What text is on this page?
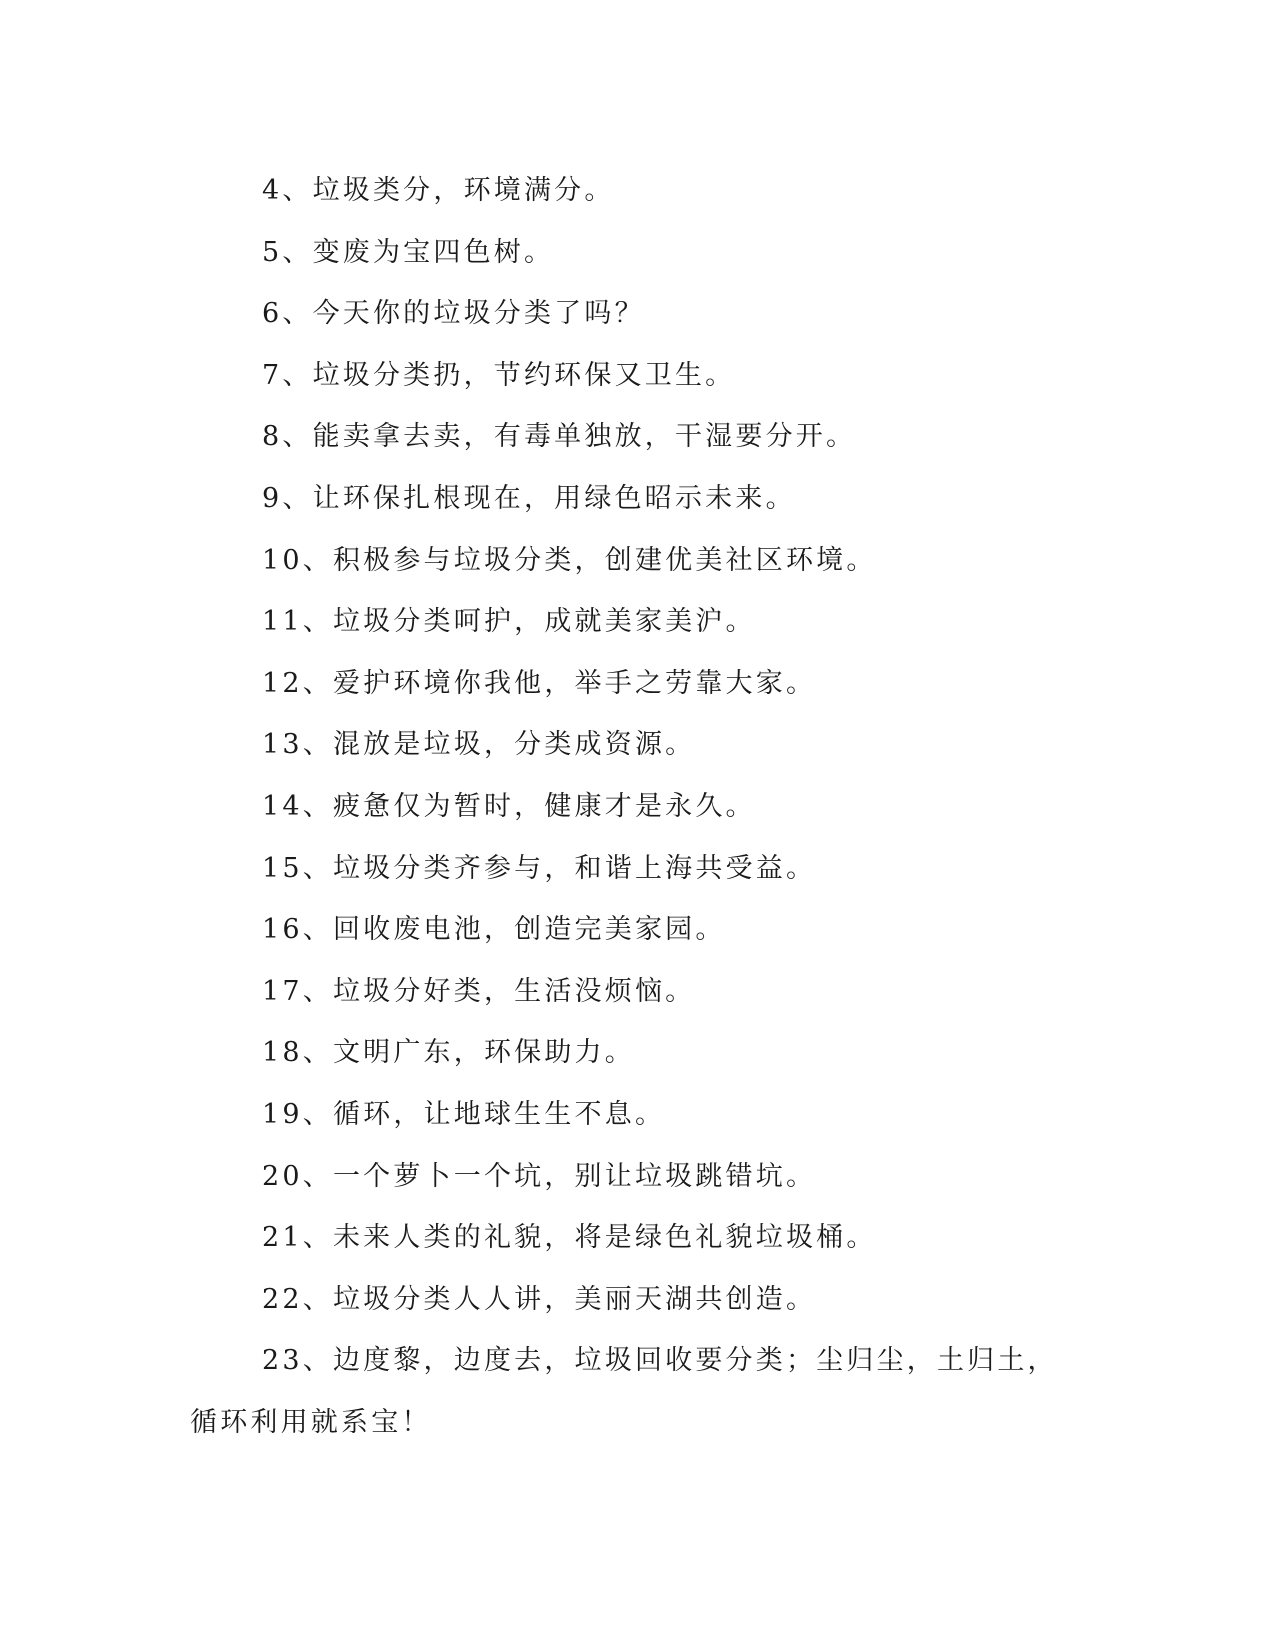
4、垃圾类分，环境满分。
5、变废为宝四色树。
6、今天你的垃圾分类了吗？
7、垃圾分类扔，节约环保又卫生。
8、能卖拿去卖，有毒单独放，干湿要分开。
9、让环保扎根现在，用绿色昭示未来。
10、积极参与垃圾分类，创建优美社区环境。
11、垃圾分类呵护，成就美家美沪。
12、爱护环境你我他，举手之劳靠大家。
13、混放是垃圾，分类成资源。
14、疲惫仅为暂时，健康才是永久。
15、垃圾分类齐参与，和谐上海共受益。
16、回收废电池，创造完美家园。
17、垃圾分好类，生活没烦恼。
18、文明广东，环保助力。
19、循环，让地球生生不息。
20、一个萝卜一个坑，别让垃圾跳错坑。
21、未来人类的礼貌，将是绿色礼貌垃圾桶。
22、垃圾分类人人讲，美丽天湖共创造。
23、边度黎，边度去，垃圾回收要分类；尘归尘，土归土，循环利用就系宝！
